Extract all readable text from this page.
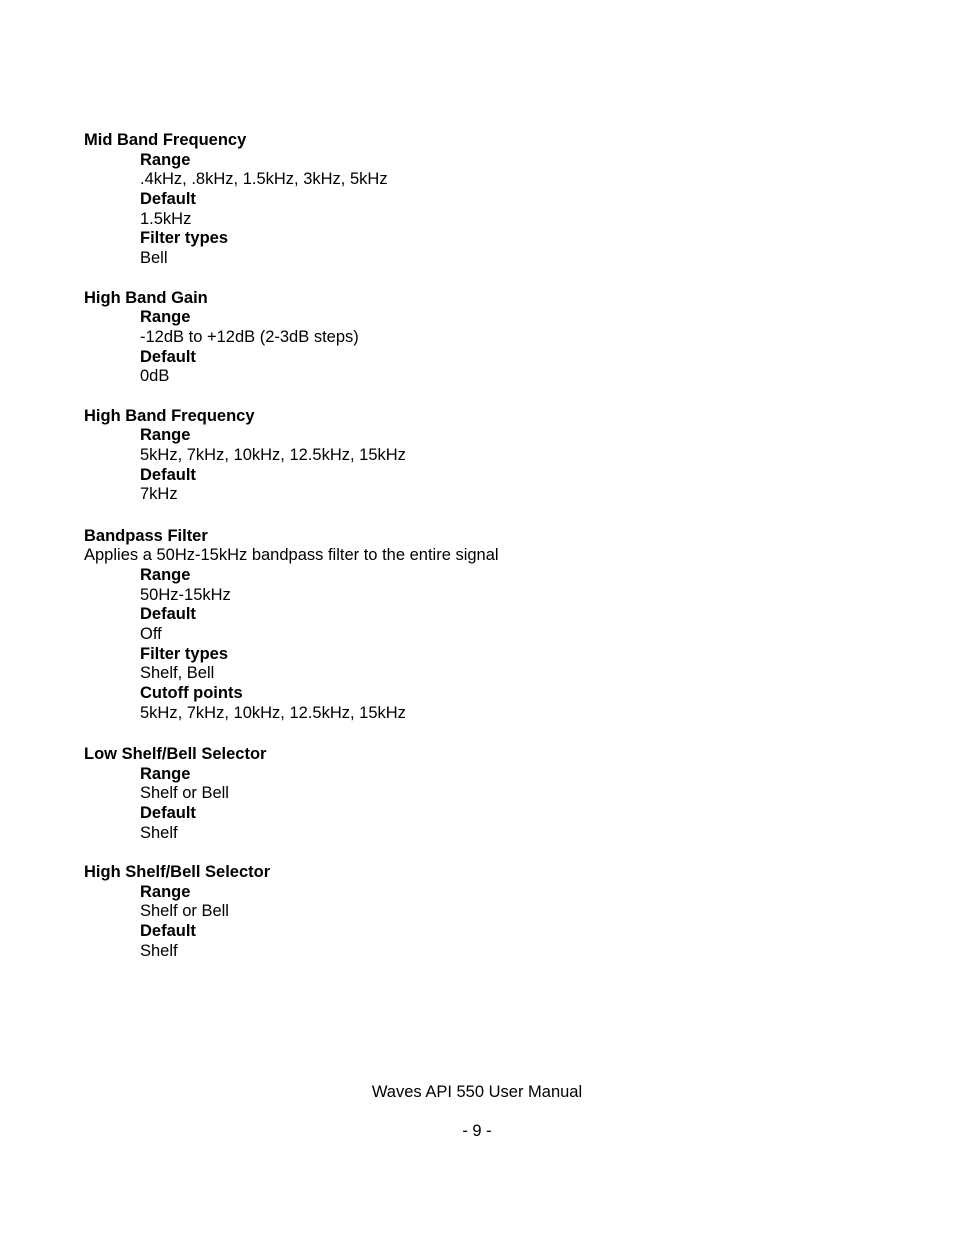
Mid Band Frequency
Range
.4kHz, .8kHz, 1.5kHz, 3kHz, 5kHz
Default
1.5kHz
Filter types
Bell
High Band Gain
Range
-12dB to +12dB (2-3dB steps)
Default
0dB
High Band Frequency
Range
5kHz, 7kHz, 10kHz, 12.5kHz, 15kHz
Default
7kHz
Bandpass Filter
Applies a 50Hz-15kHz bandpass filter to the entire signal
Range
50Hz-15kHz
Default
Off
Filter types
Shelf, Bell
Cutoff points
5kHz, 7kHz, 10kHz, 12.5kHz, 15kHz
Low Shelf/Bell Selector
Range
Shelf or Bell
Default
Shelf
High Shelf/Bell Selector
Range
Shelf or Bell
Default
Shelf
Waves API 550 User Manual
- 9 -
